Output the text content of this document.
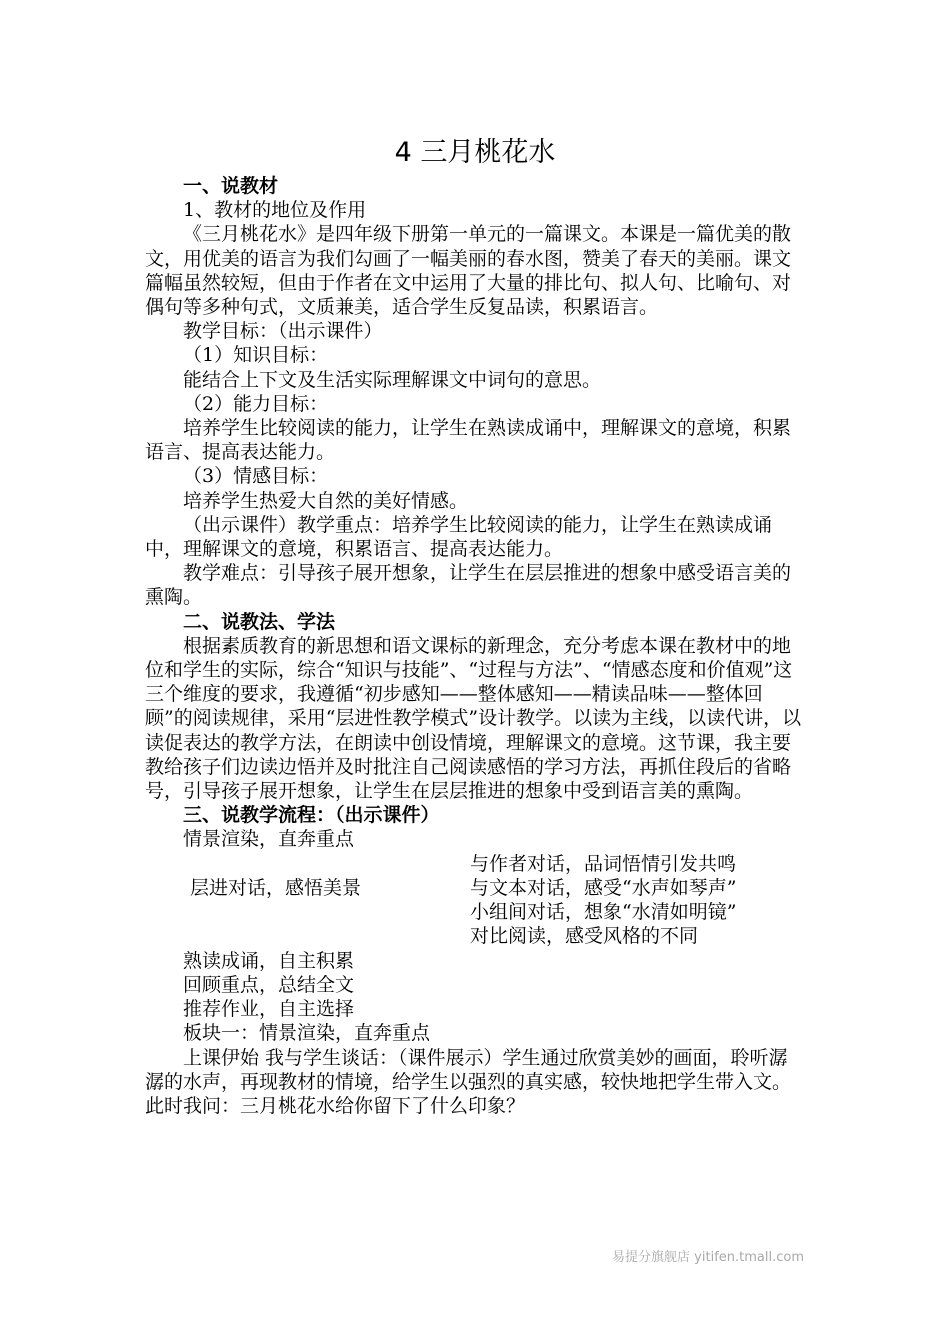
4 三月桃花水

一、说教材

1、教材的地位及作用

《三月桃花水》是四年级下册第一单元的一篇课文。本课是一篇优美的散文，用优美的语言为我们勾画了一幅美丽的春水图，赞美了春天的美丽。课文篇幅虽然较短，但由于作者在文中运用了大量的排比句、拟人句、比喻句、对偶句等多种句式，文质兼美，适合学生反复品读，积累语言。

教学目标：（出示课件）

（1）知识目标：

能结合上下文及生活实际理解课文中词句的意思。

（2）能力目标：

培养学生比较阅读的能力，让学生在熟读成诵中，理解课文的意境，积累语言、提高表达能力。

（3）情感目标：

培养学生热爱大自然的美好情感。

（出示课件）教学重点：培养学生比较阅读的能力，让学生在熟读成诵中，理解课文的意境，积累语言、提高表达能力。

教学难点：引导孩子展开想象，让学生在层层推进的想象中感受语言美的熏陶。

二、说教法、学法

根据素质教育的新思想和语文课标的新理念，充分考虑本课在教材中的地位和学生的实际，综合“知识与技能”、“过程与方法”、“情感态度和价值观”这三个维度的要求，我遵循“初步感知——整体感知——精读品味——整体回顾”的阅读规律，采用“层进性教学模式”设计教学。以读为主线，以读代讲，以读促表达的教学方法，在朗读中创设情境，理解课文的意境。这节课，我主要教给孩子们边读边悟并及时批注自己阅读感悟的学习方法，再抓住段后的省略号，引导孩子展开想象，让学生在层层推进的想象中受到语言美的熏陶。

三、说教学流程：（出示课件）

情景渲染，直奔重点

层进对话，感悟美景
与作者对话，品词悟情引发共鸣
与文本对话，感受“水声如琴声”
小组间对话，想象“水清如明镜”
对比阅读，感受风格的不同

熟读成诵，自主积累

回顾重点，总结全文

推荐作业，自主选择

板块一：情景渲染，直奔重点

上课伊始 我与学生谈话：（课件展示）学生通过欣赏美妙的画面，聆听潺潺的水声，再现教材的情境，给学生以强烈的真实感，较快地把学生带入文。此时我问：三月桃花水给你留下了什么印象？

易提分旗舰店 yitifen.tmall.com
